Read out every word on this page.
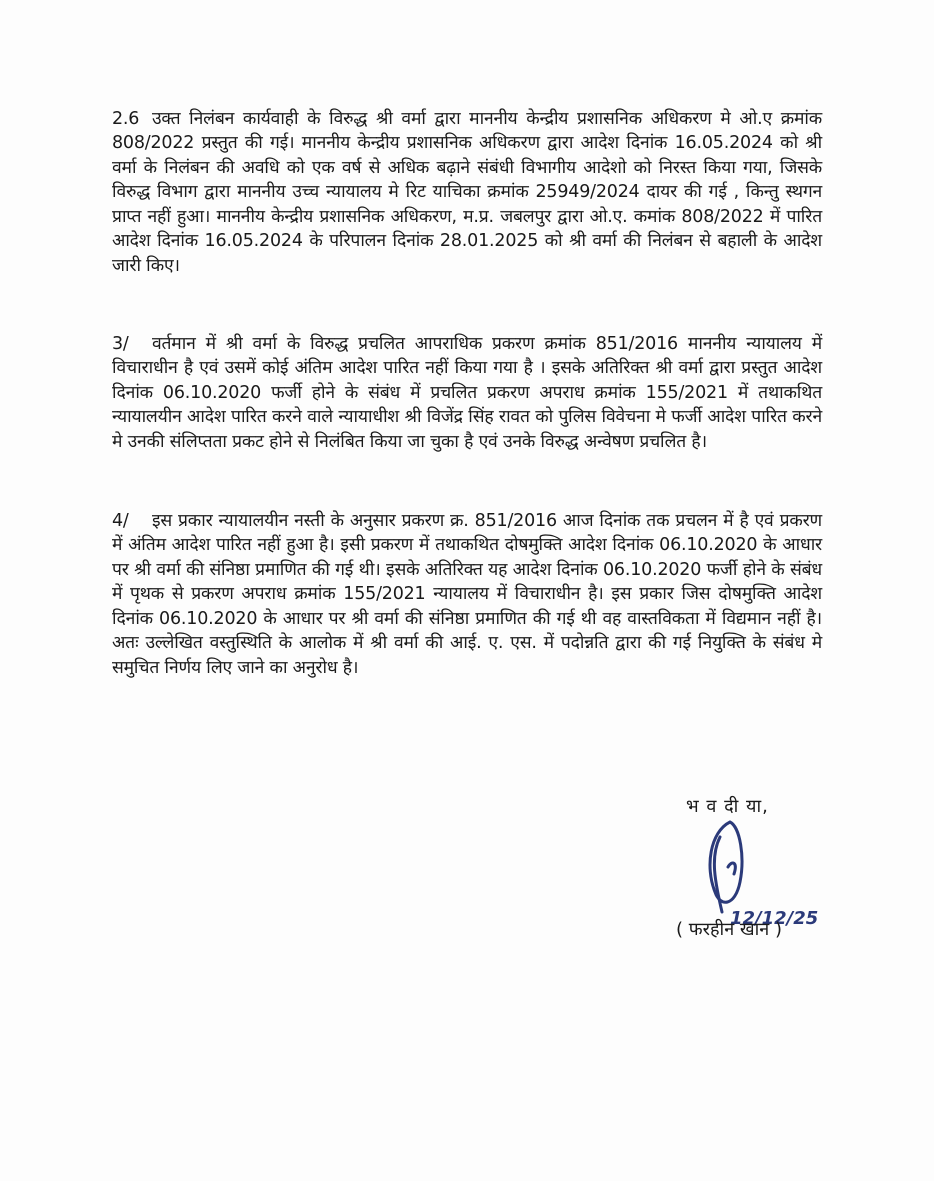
2.6 उक्त निलंबन कार्यवाही के विरुद्ध श्री वर्मा द्वारा माननीय केन्द्रीय प्रशासनिक अधिकरण मे ओ.ए क्रमांक 808/2022 प्रस्तुत की गई। माननीय केन्द्रीय प्रशासनिक अधिकरण द्वारा आदेश दिनांक 16.05.2024 को श्री वर्मा के निलंबन की अवधि को एक वर्ष से अधिक बढ़ाने संबंधी विभागीय आदेशो को निरस्त किया गया, जिसके विरुद्ध विभाग द्वारा माननीय उच्च न्यायालय मे रिट याचिका क्रमांक 25949/2024 दायर की गई , किन्तु स्थगन प्राप्त नहीं हुआ। माननीय केन्द्रीय प्रशासनिक अधिकरण, म.प्र. जबलपुर द्वारा ओ.ए. कमांक 808/2022 में पारित आदेश दिनांक 16.05.2024 के परिपालन दिनांक 28.01.2025 को श्री वर्मा की निलंबन से बहाली के आदेश जारी किए।

3/ वर्तमान में श्री वर्मा के विरुद्ध प्रचलित आपराधिक प्रकरण क्रमांक 851/2016 माननीय न्यायालय में विचाराधीन है एवं उसमें कोई अंतिम आदेश पारित नहीं किया गया है । इसके अतिरिक्त श्री वर्मा द्वारा प्रस्तुत आदेश दिनांक 06.10.2020 फर्जी होने के संबंध में प्रचलित प्रकरण अपराध क्रमांक 155/2021 में तथाकथित न्यायालयीन आदेश पारित करने वाले न्यायाधीश श्री विजेंद्र सिंह रावत को पुलिस विवेचना मे फर्जी आदेश पारित करने मे उनकी संलिप्तता प्रकट होने से निलंबित किया जा चुका है एवं उनके विरुद्ध अन्वेषण प्रचलित है।

4/ इस प्रकार न्यायालयीन नस्ती के अनुसार प्रकरण क्र. 851/2016 आज दिनांक तक प्रचलन में है एवं प्रकरण में अंतिम आदेश पारित नहीं हुआ है। इसी प्रकरण में तथाकथित दोषमुक्ति आदेश दिनांक 06.10.2020 के आधार पर श्री वर्मा की संनिष्ठा प्रमाणित की गई थी। इसके अतिरिक्त यह आदेश दिनांक 06.10.2020 फर्जी होने के संबंध में पृथक से प्रकरण अपराध क्रमांक 155/2021 न्यायालय में विचाराधीन है। इस प्रकार जिस दोषमुक्ति आदेश दिनांक 06.10.2020 के आधार पर श्री वर्मा की संनिष्ठा प्रमाणित की गई थी वह वास्तविकता में विद्यमान नहीं है। अतः उल्लेखित वस्तुस्थिति के आलोक में श्री वर्मा की आई. ए. एस. में पदोन्नति द्वारा की गई नियुक्ति के संबंध मे समुचित निर्णय लिए जाने का अनुरोध है।

भ व दी या,
12/12/25
( फरहीन खान )
